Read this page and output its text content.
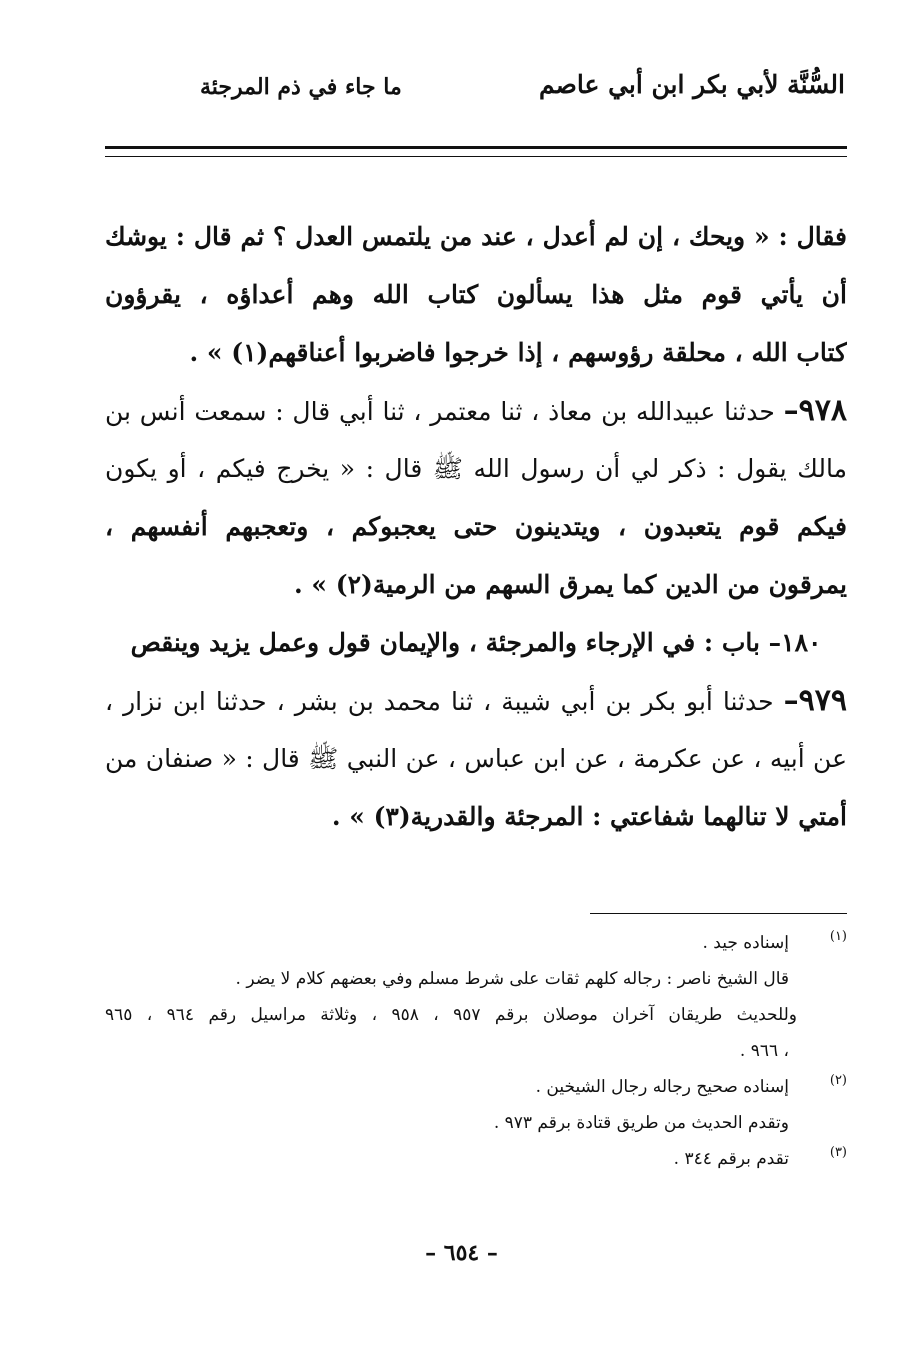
السُّنَّة لأبي بكر ابن أبي عاصم
ما جاء في ذم المرجئة
فقال : « ويحك ، إن لم أعدل ، عند من يلتمس العدل ؟ ثم قال : يوشك
أن يأتي قوم مثل هذا يسألون كتاب الله وهم أعداؤه ، يقرؤون
كتاب الله ، محلقة رؤوسهم ، إذا خرجوا فاضربوا أعناقهم(١) » .
٩٧٨– حدثنا عبيدالله بن معاذ ، ثنا معتمر ، ثنا أبي قال : سمعت أنس بن
مالك يقول : ذكر لي أن رسول الله ﷺ قال : « يخرج فيكم ، أو يكون
فيكم قوم يتعبدون ، ويتدينون حتى يعجبوكم ، وتعجبهم أنفسهم ،
يمرقون من الدين كما يمرق السهم من الرمية(٢) » .
١٨٠– باب : في الإرجاء والمرجئة ، والإيمان قول وعمل يزيد وينقص
٩٧٩– حدثنا أبو بكر بن أبي شيبة ، ثنا محمد بن بشر ، حدثنا ابن نزار ،
عن أبيه ، عن عكرمة ، عن ابن عباس ، عن النبي ﷺ قال : « صنفان من
أمتي لا تنالهما شفاعتي : المرجئة والقدرية(٣) » .
(١)
إسناده جيد .
قال الشيخ ناصر : رجاله كلهم ثقات على شرط مسلم وفي بعضهم كلام لا يضر .
وللحديث طريقان آخران موصلان برقم ٩٥٧ ، ٩٥٨ ، وثلاثة مراسيل رقم ٩٦٤ ، ٩٦٥
، ٩٦٦ .
(٢)
إسناده صحيح رجاله رجال الشيخين .
وتقدم الحديث من طريق قتادة برقم ٩٧٣ .
(٣)
تقدم برقم ٣٤٤ .
– ٦٥٤ –
